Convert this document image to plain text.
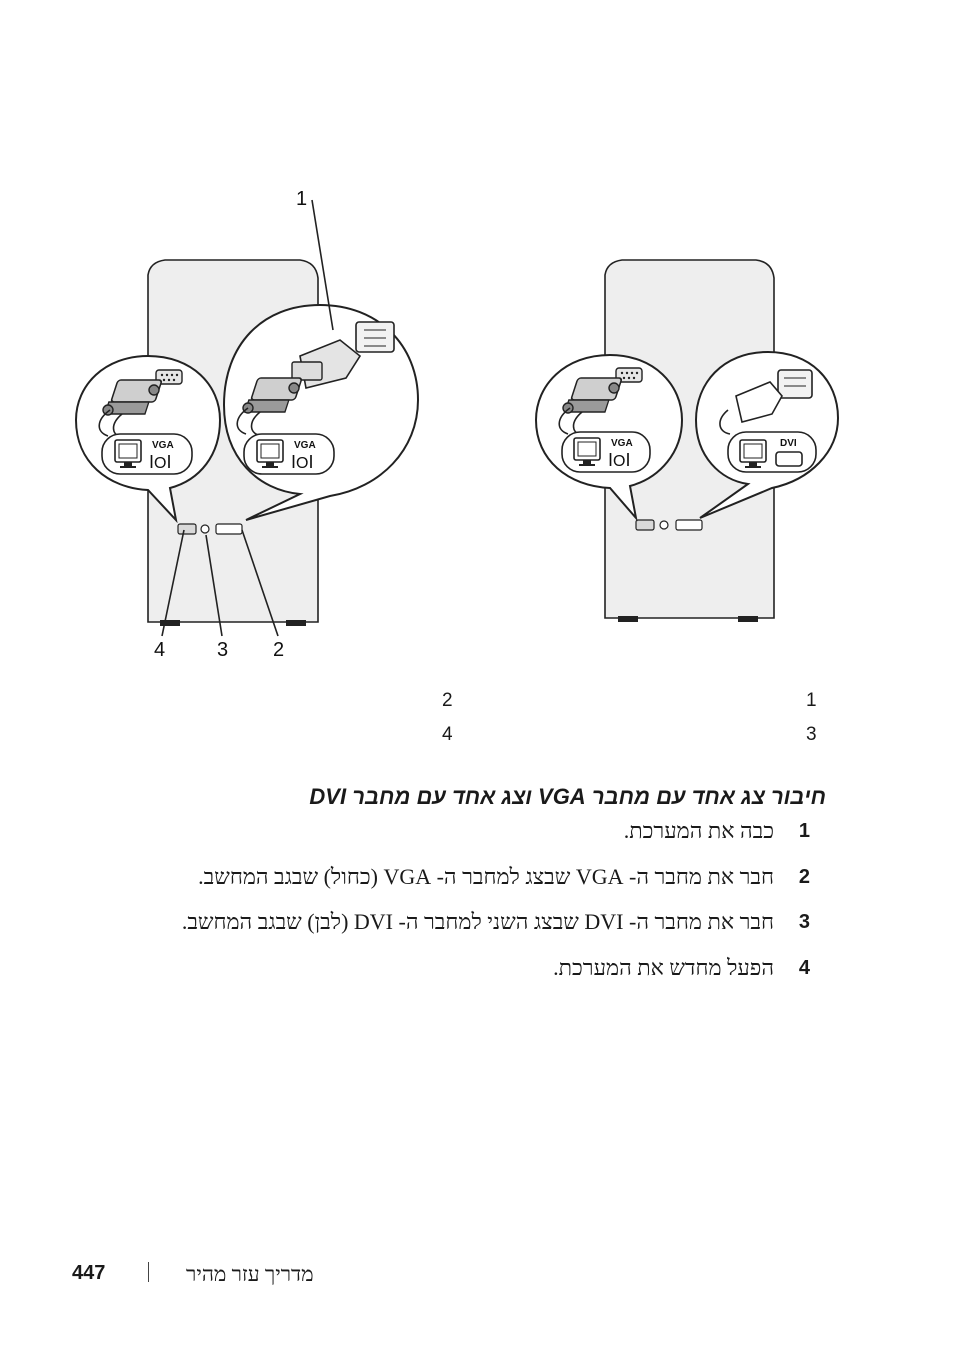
VGA
IOI
VGA
IOI
1
4	3 2
VGA
IOI
DVI
1
2
3
4
חיבור צג אחד עם מחבר VGA וצג אחד עם מחבר DVI
1
כבה את המערכת.
2
חבר את מחבר ה- VGA שבצג למחבר ה- VGA (כחול) שבגב המחשב.
3
חבר את מחבר ה- DVI שבצג השני למחבר ה- DVI (לבן) שבגב המחשב.
4
הפעל מחדש את המערכת.
447	מדריך עזר מהיר
